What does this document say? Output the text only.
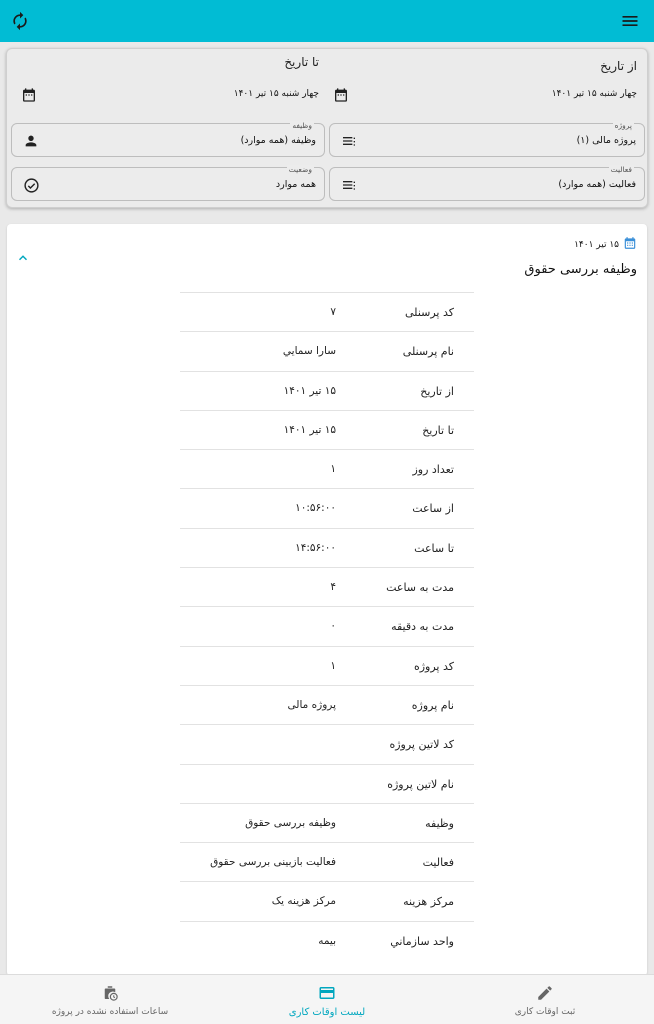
از تاریخ
تا تاریخ
چهار شنبه ۱۵ تیر ۱۴۰۱
چهار شنبه ۱۵ تیر ۱۴۰۱
پروژه
پروژه مالی (۱)
وظیفه
وظیفه (همه موارد)
فعالیت
فعالیت (همه موارد)
وضعیت
همه موارد
۱۵ تیر ۱۴۰۱
وظیفه بررسی حقوق
کد پرسنلی
۷
نام پرسنلی
سارا سمايي
از تاریخ
۱۵ تیر ۱۴۰۱
تا تاریخ
۱۵ تیر ۱۴۰۱
تعداد روز
۱
از ساعت
۱۰:۵۶:۰۰
تا ساعت
۱۴:۵۶:۰۰
مدت به ساعت
۴
مدت به دقیقه
۰
کد پروژه
۱
نام پروژه
پروژه مالی
کد لاتین پروژه
نام لاتین پروژه
وظیفه
وظیفه بررسی حقوق
فعالیت
فعالیت بازبینی بررسی حقوق
مرکز هزینه
مرکز هزینه یک
واحد سازماني
بیمه
ساعات استفاده نشده در پروژه	لیست اوقات کاری	ثبت اوقات کاری
